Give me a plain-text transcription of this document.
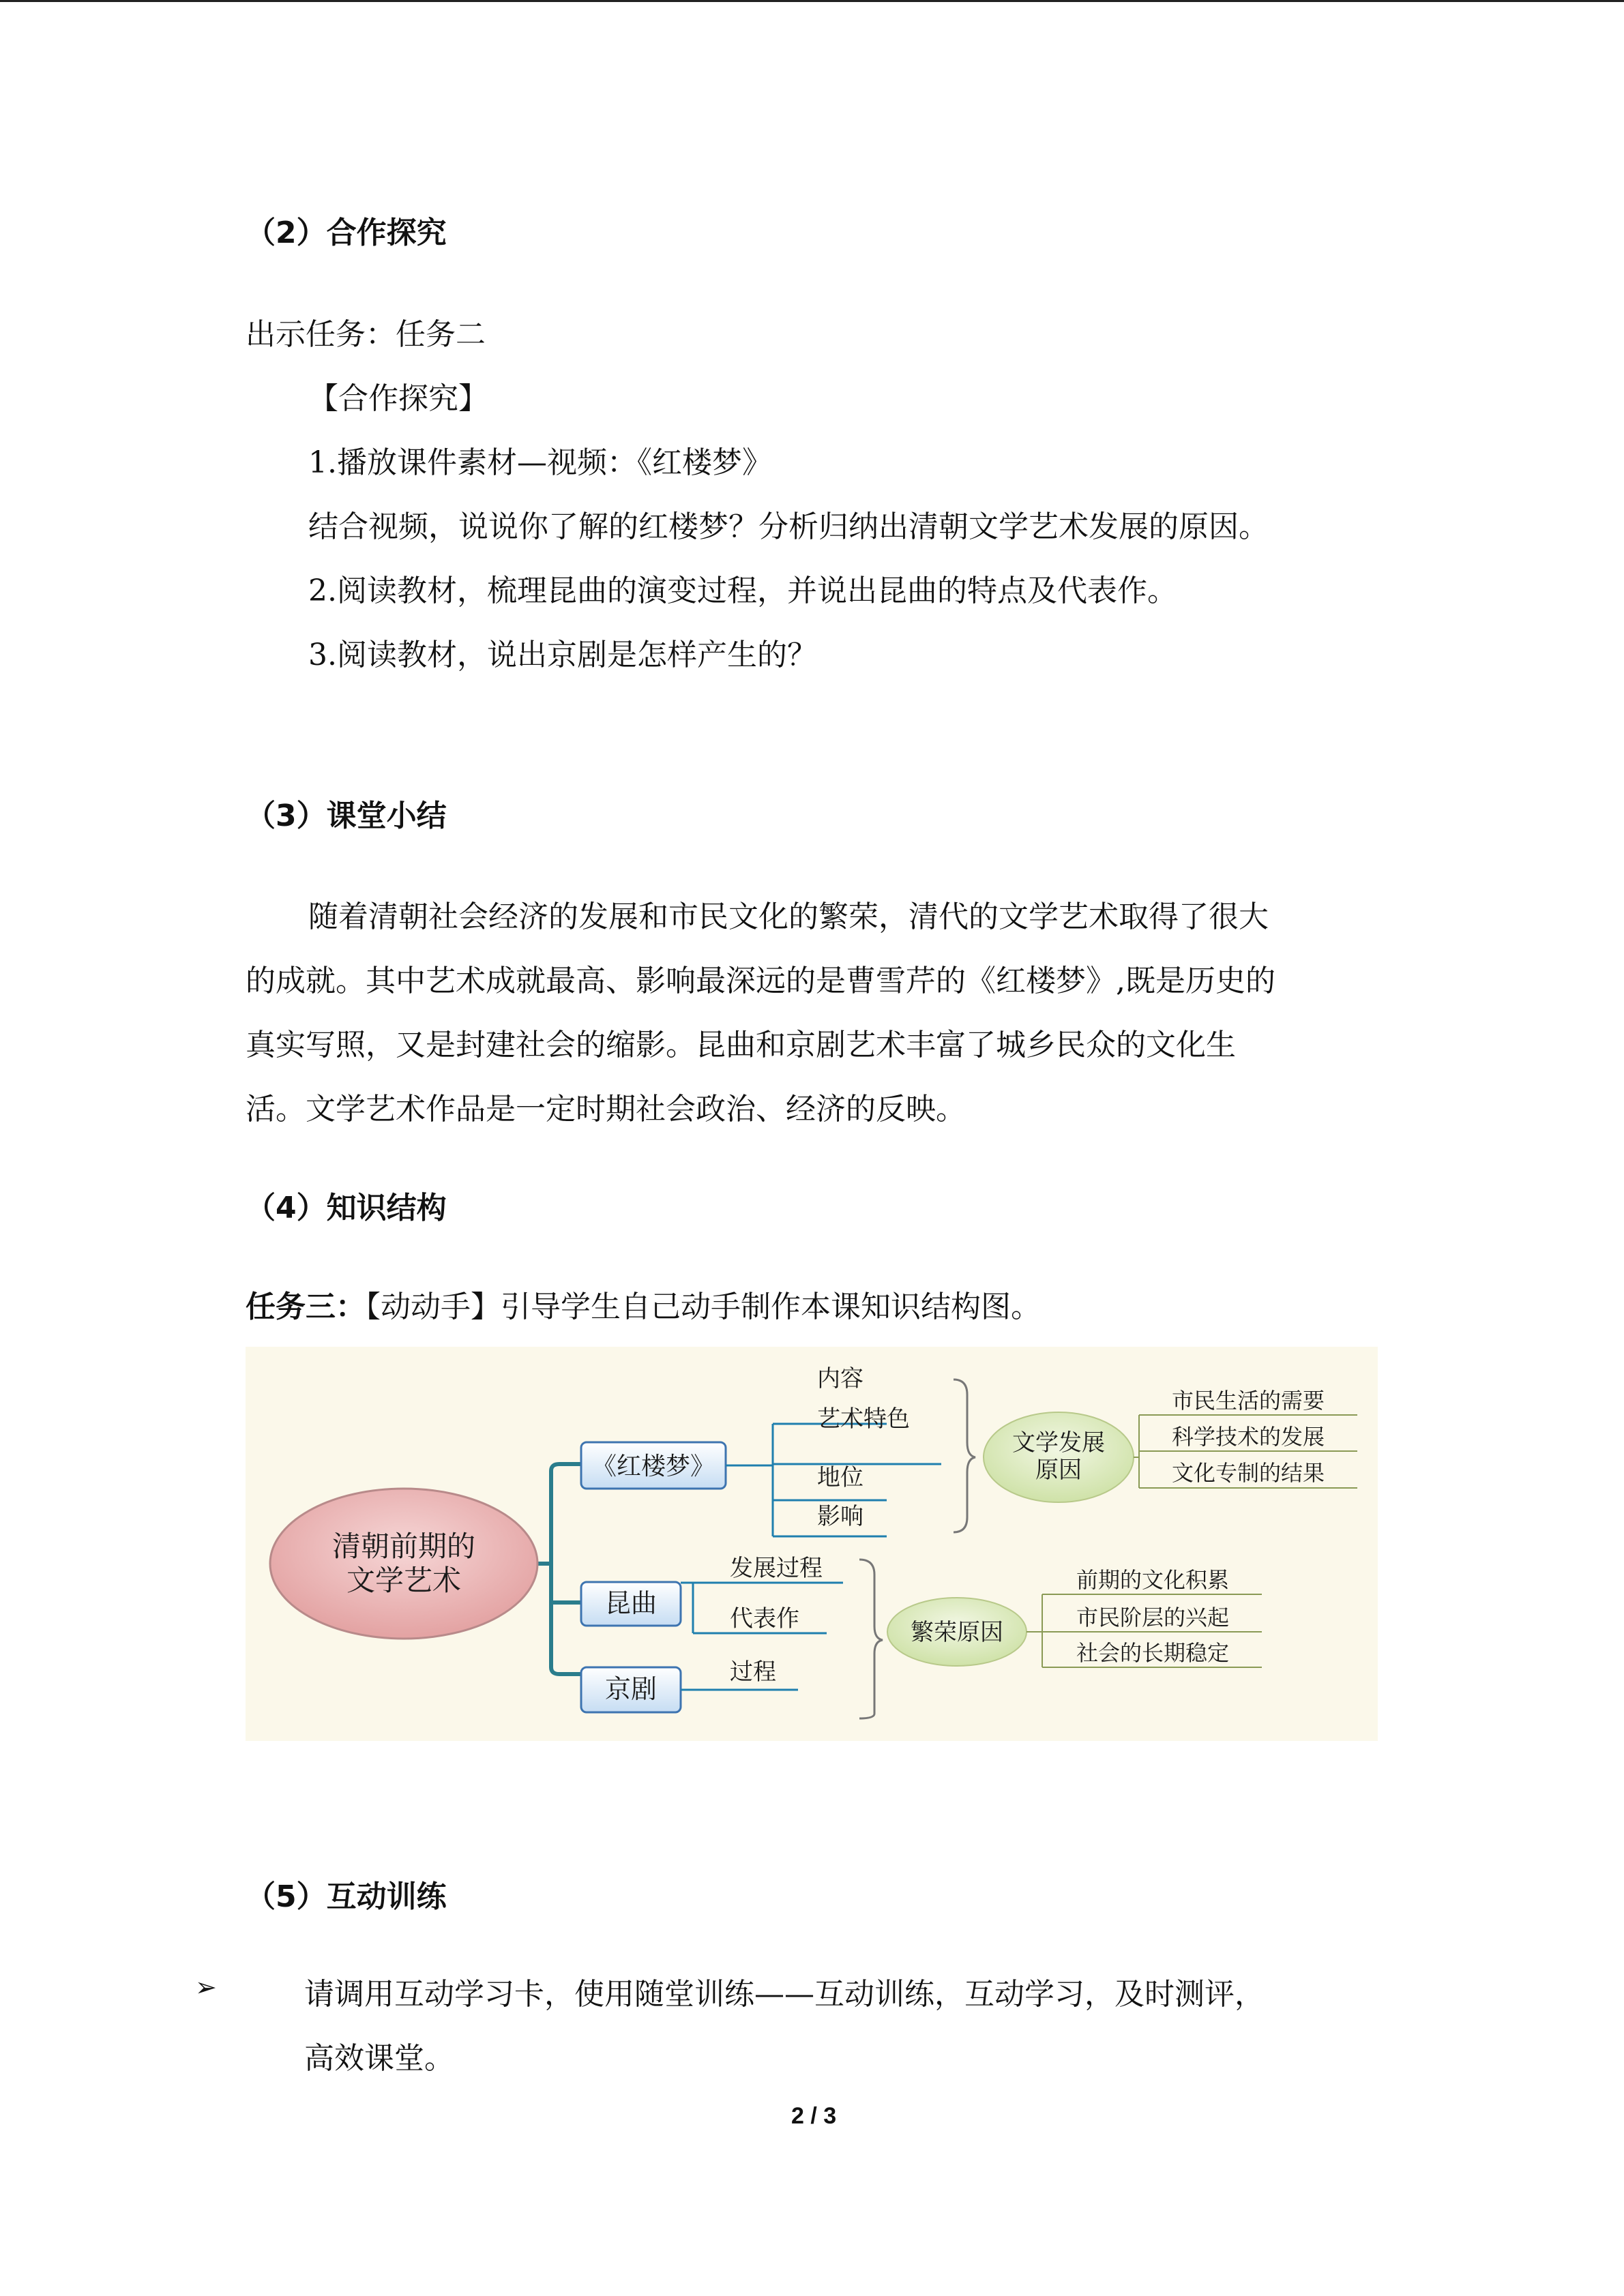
（2）合作探究
出示任务：任务二
【合作探究】
1.播放课件素材—视频：《红楼梦》
结合视频，说说你了解的红楼梦？分析归纳出清朝文学艺术发展的原因。
2.阅读教材，梳理昆曲的演变过程，并说出昆曲的特点及代表作。
3.阅读教材，说出京剧是怎样产生的？
（3）课堂小结
随着清朝社会经济的发展和市民文化的繁荣，清代的文学艺术取得了很大
的成就。其中艺术成就最高、影响最深远的是曹雪芹的《红楼梦》,既是历史的
真实写照，又是封建社会的缩影。昆曲和京剧艺术丰富了城乡民众的文化生
活。文学艺术作品是一定时期社会政治、经济的反映。
（4）知识结构
任务三：【动动手】引导学生自己动手制作本课知识结构图。
清朝前期的
文学艺术
《红楼梦》
内容
艺术特色
地位
影响
文学发展
原因
市民生活的需要
科学技术的发展
文化专制的结果
昆曲
发展过程
代表作
京剧
过程
繁荣原因
前期的文化积累
市民阶层的兴起
社会的长期稳定
（5）互动训练
➢	请调用互动学习卡，使用随堂训练——互动训练，互动学习，及时测评，
高效课堂。
2 / 3
